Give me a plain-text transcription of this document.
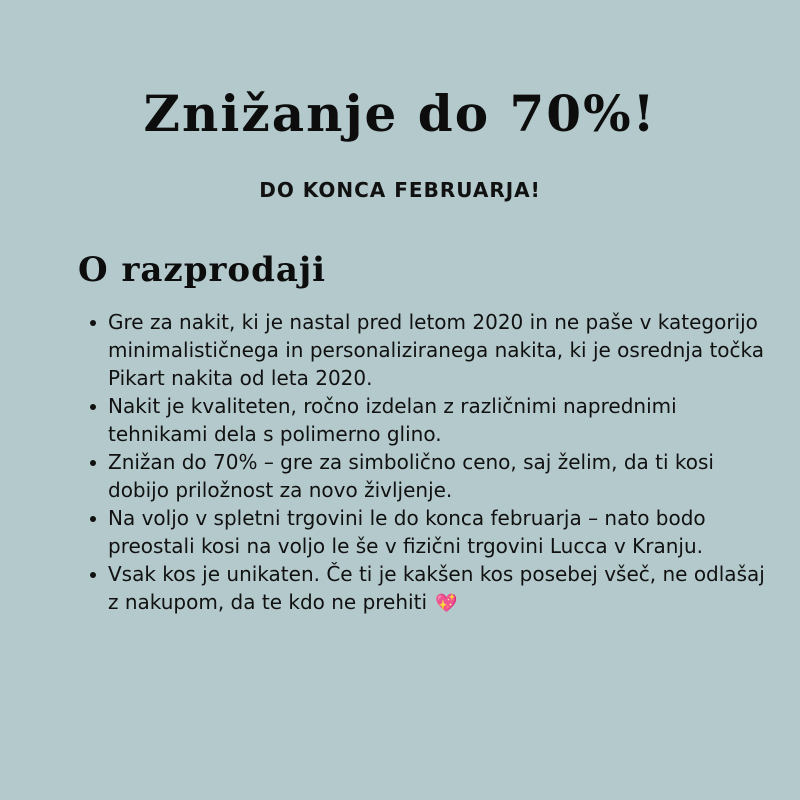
Znižanje do 70%!
DO KONCA FEBRUARJA!
O razprodaji
Gre za nakit, ki je nastal pred letom 2020 in ne paše v kategorijo minimalističnega in personaliziranega nakita, ki je osrednja točka Pikart nakita od leta 2020.
Nakit je kvaliteten, ročno izdelan z različnimi naprednimi tehnikami dela s polimerno glino.
Znižan do 70% – gre za simbolično ceno, saj želim, da ti kosi dobijo priložnost za novo življenje.
Na voljo v spletni trgovini le do konca februarja – nato bodo preostali kosi na voljo le še v fizični trgovini Lucca v Kranju.
Vsak kos je unikaten. Če ti je kakšen kos posebej všeč, ne odlašaj z nakupom, da te kdo ne prehiti 💖
